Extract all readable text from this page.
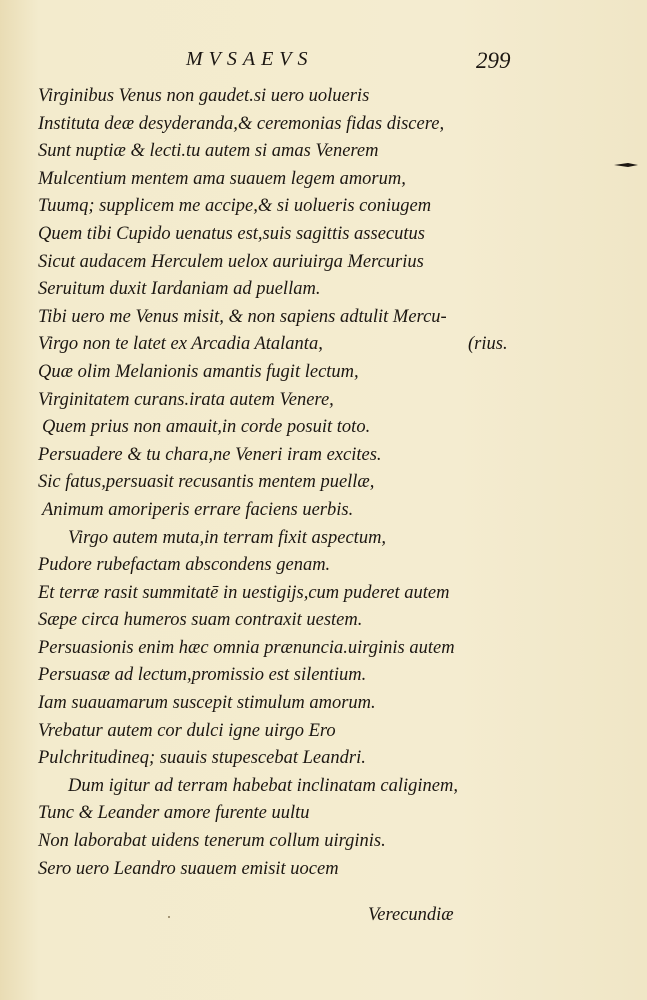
MVSAEVS	299
Virginibus Venus non gaudet.si uero uolueris
Instituta deæ desyderanda,& ceremonias fidas discere,
Sunt nuptiæ & lecti.tu autem si amas Venerem
Mulcentium mentem ama suauem legem amorum,
Tuumq; supplicem me accipe,& si uolueris coniugem
Quem tibi Cupido uenatus est,suis sagittis assecutus
Sicut audacem Herculem uelox auriuirga Mercurius
Seruitum duxit Iardaniam ad puellam.
Tibi uero me Venus misit, & non sapiens adtulit Mercu-
Virgo non te latet ex Arcadia Atalanta,	(rius.
Quæ olim Melanionis amantis fugit lectum,
Virginitatem curans.irata autem Venere,
Quem prius non amauit,in corde posuit toto.
Persuadere & tu chara,ne Veneri iram excites.
Sic fatus,persuasit recusantis mentem puellæ,
Animum amoriperis errare faciens uerbis.
Virgo autem muta,in terram fixit aspectum,
Pudore rubefactam abscondens genam.
Et terræ rasit summitatē in uestigijs,cum puderet autem
Sæpe circa humeros suam contraxit uestem.
Persuasionis enim hæc omnia prænuncia.uirginis autem
Persuasæ ad lectum,promissio est silentium.
Iam suauamarum suscepit stimulum amorum.
Vrebatur autem cor dulci igne uirgo Ero
Pulchritudineq; suauis stupescebat Leandri.
Dum igitur ad terram habebat inclinatam caliginem,
Tunc & Leander amore furente uultu
Non laborabat uidens tenerum collum uirginis.
Sero uero Leandro suauem emisit uocem
Verecundiæ
